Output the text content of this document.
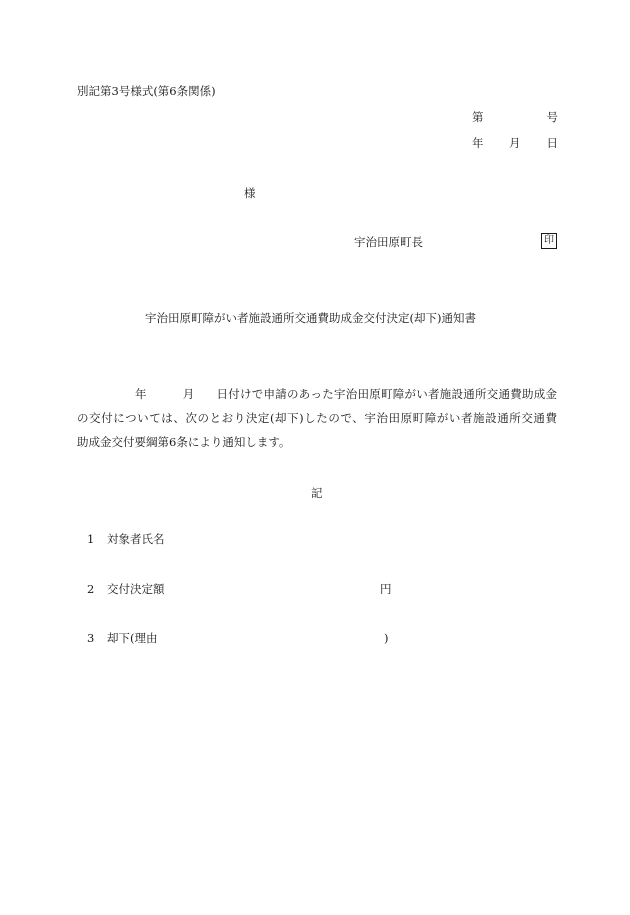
別記第3号様式(第6条関係)
第	号
年 月 日
様
宇治田原町長	印
宇治田原町障がい者施設通所交通費助成金交付決定(却下)通知書
年	月 日付けで申請のあった宇治田原町障がい者施設通所交通費助成金
の交付については、次のとおり決定(却下)したので、宇治田原町障がい者施設通所交通費
助成金交付要綱第6条により通知します。
記
1 対象者氏名
2 交付決定額	円
3 却下(理由	)
